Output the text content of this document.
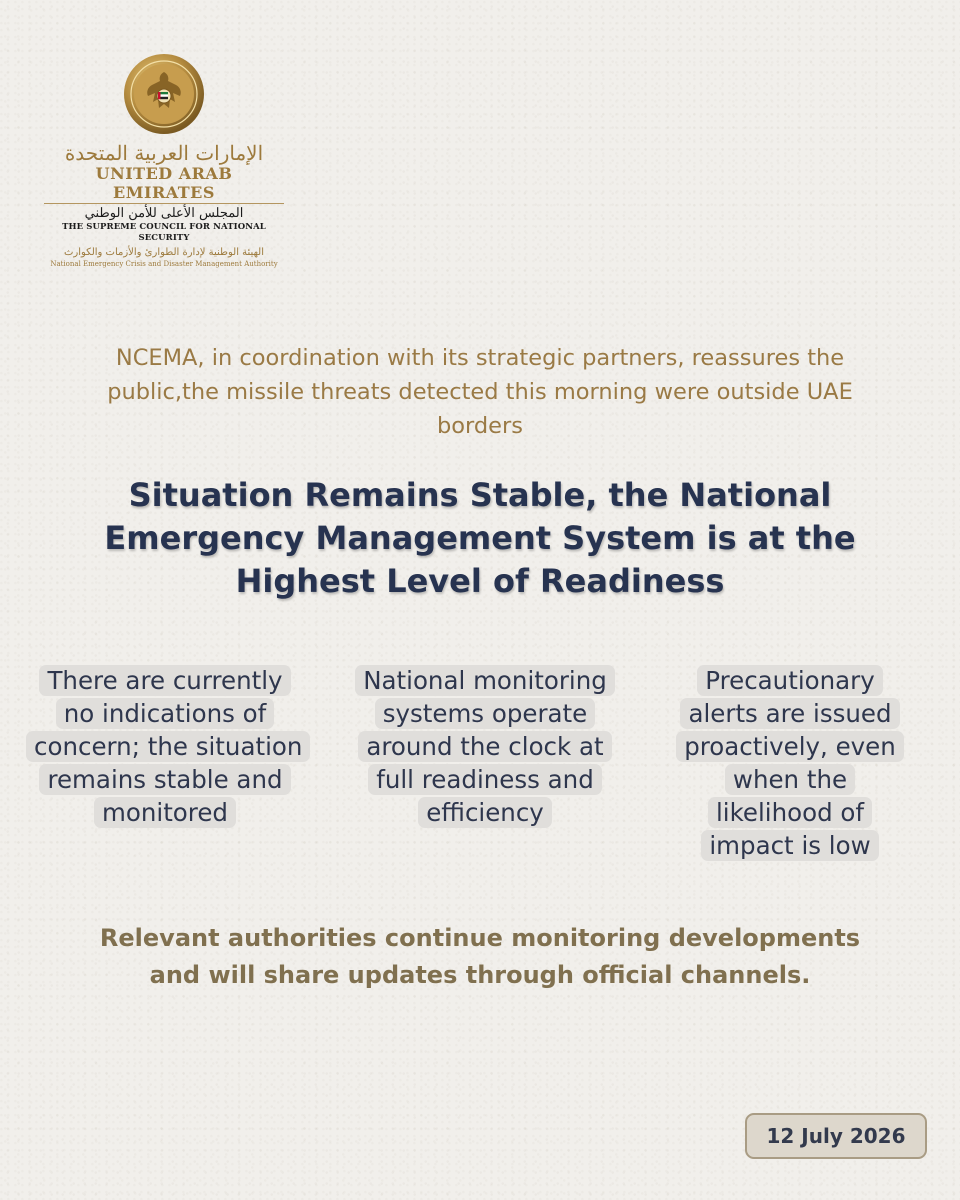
الإمارات العربية المتحدة
UNITED ARAB EMIRATES
المجلس الأعلى للأمن الوطني
THE SUPREME COUNCIL FOR NATIONAL SECURITY
الهيئة الوطنية لإدارة الطوارئ والأزمات والكوارث
National Emergency Crisis and Disaster Management Authority
NCEMA, in coordination with its strategic partners, reassures the public,the missile threats detected this morning were outside UAE borders
Situation Remains Stable, the National Emergency Management System is at the Highest Level of Readiness
There are currently no indications of concern; the situation remains stable and monitored
National monitoring systems operate around the clock at full readiness and efficiency
Precautionary alerts are issued proactively, even when the likelihood of impact is low
Relevant authorities continue monitoring developments and will share updates through official channels.
12 July 2026
